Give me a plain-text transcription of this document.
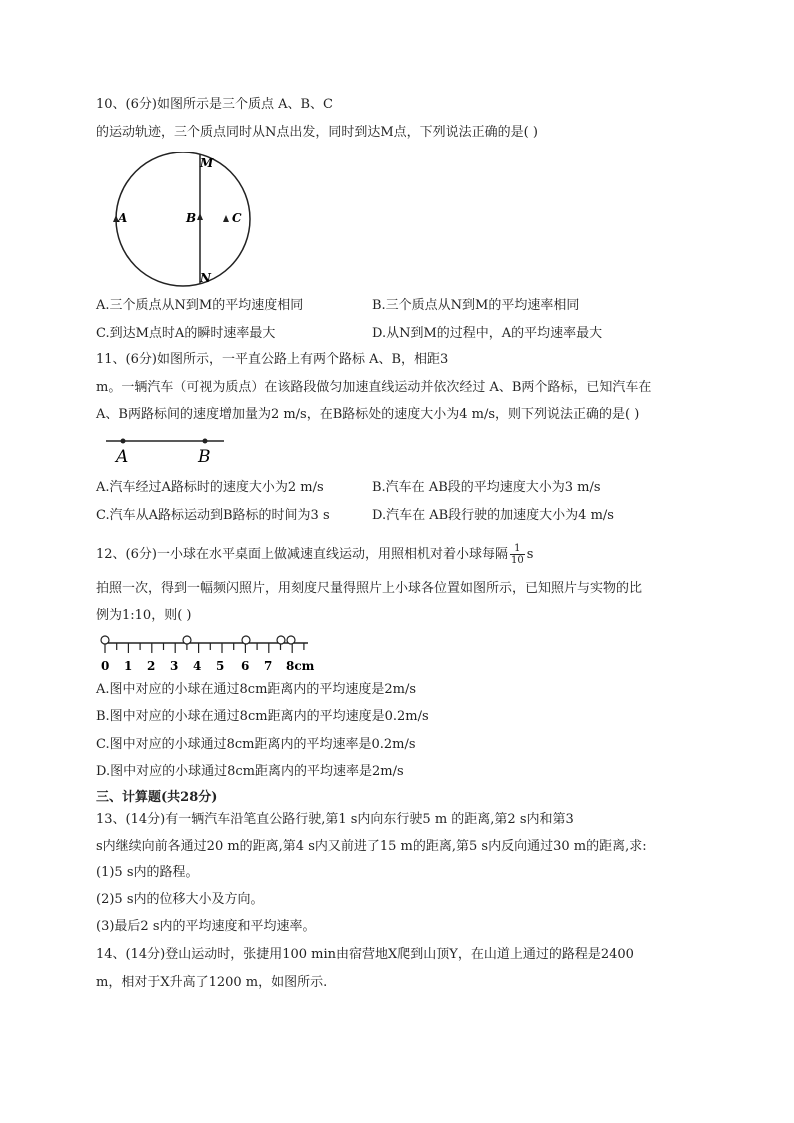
10、(6分)如图所示是三个质点 A、B、C
的运动轨迹，三个质点同时从N点出发，同时到达M点，下列说法正确的是( )
M
N
A	B	C
A.三个质点从N到M的平均速度相同	B.三个质点从N到M的平均速率相同
C.到达M点时A的瞬时速率最大	D.从N到M的过程中，A的平均速率最大
11、(6分)如图所示，一平直公路上有两个路标 A、B，相距3
m。一辆汽车（可视为质点）在该路段做匀加速直线运动并依次经过 A、B两个路标，已知汽车在
A、B两路标间的速度增加量为2 m/s，在B路标处的速度大小为4 m/s，则下列说法正确的是( )
A	B
A.汽车经过A路标时的速度大小为2 m/s	B.汽车在 AB段的平均速度大小为3 m/s
C.汽车从A路标运动到B路标的时间为3 s	D.汽车在 AB段行驶的加速度大小为4 m/s
12、(6分)一小球在水平桌面上做减速直线运动，用照相机对着小球每隔 $\frac{1}{10}$ s
拍照一次，得到一幅频闪照片，用刻度尺量得照片上小球各位置如图所示，已知照片与实物的比
例为1:10，则( )
0 1 2 3 4 5 6 7 8cm
A.图中对应的小球在通过8cm距离内的平均速度是2m/s
B.图中对应的小球在通过8cm距离内的平均速度是0.2m/s
C.图中对应的小球通过8cm距离内的平均速率是0.2m/s
D.图中对应的小球通过8cm距离内的平均速率是2m/s
三、计算题(共28分)
13、(14分)有一辆汽车沿笔直公路行驶,第1 s内向东行驶5 m 的距离,第2 s内和第3
s内继续向前各通过20 m的距离,第4 s内又前进了15 m的距离,第5 s内反向通过30 m的距离,求:
(1)5 s内的路程。
(2)5 s内的位移大小及方向。
(3)最后2 s内的平均速度和平均速率。
14、(14分)登山运动时，张捷用100 min由宿营地X爬到山顶Y，在山道上通过的路程是2400
m，相对于X升高了1200 m，如图所示.
